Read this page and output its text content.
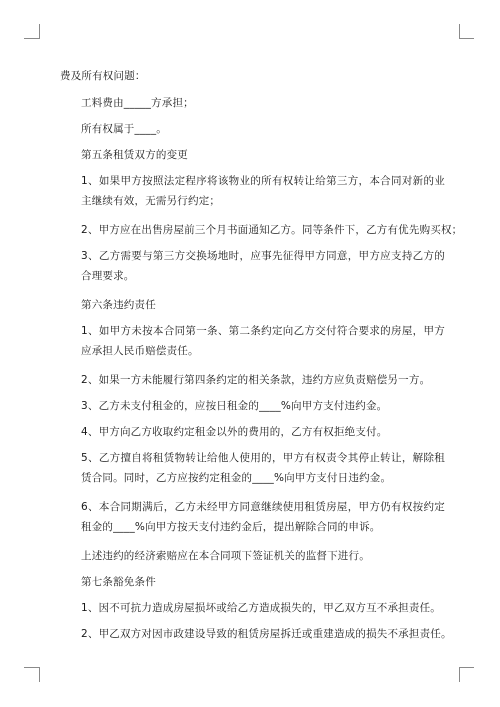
费及所有权问题：
工料费由_____方承担；
所有权属于____。
第五条租赁双方的变更
1、如果甲方按照法定程序将该物业的所有权转让给第三方，本合同对新的业主继续有效，无需另行约定；
2、甲方应在出售房屋前三个月书面通知乙方。同等条件下，乙方有优先购买权；
3、乙方需要与第三方交换场地时，应事先征得甲方同意，甲方应支持乙方的合理要求。
第六条违约责任
1、如甲方未按本合同第一条、第二条约定向乙方交付符合要求的房屋，甲方应承担人民币赔偿责任。
2、如果一方未能履行第四条约定的相关条款，违约方应负责赔偿另一方。
3、乙方未支付租金的，应按日租金的____%向甲方支付违约金。
4、甲方向乙方收取约定租金以外的费用的，乙方有权拒绝支付。
5、乙方擅自将租赁物转让给他人使用的，甲方有权责令其停止转让，解除租赁合同。同时，乙方应按约定租金的____%向甲方支付日违约金。
6、本合同期满后，乙方未经甲方同意继续使用租赁房屋，甲方仍有权按约定租金的____%向甲方按天支付违约金后，提出解除合同的申诉。
上述违约的经济索赔应在本合同项下签证机关的监督下进行。
第七条豁免条件
1、因不可抗力造成房屋损坏或给乙方造成损失的，甲乙双方互不承担责任。
2、甲乙双方对因市政建设导致的租赁房屋拆迁或重建造成的损失不承担责任。
